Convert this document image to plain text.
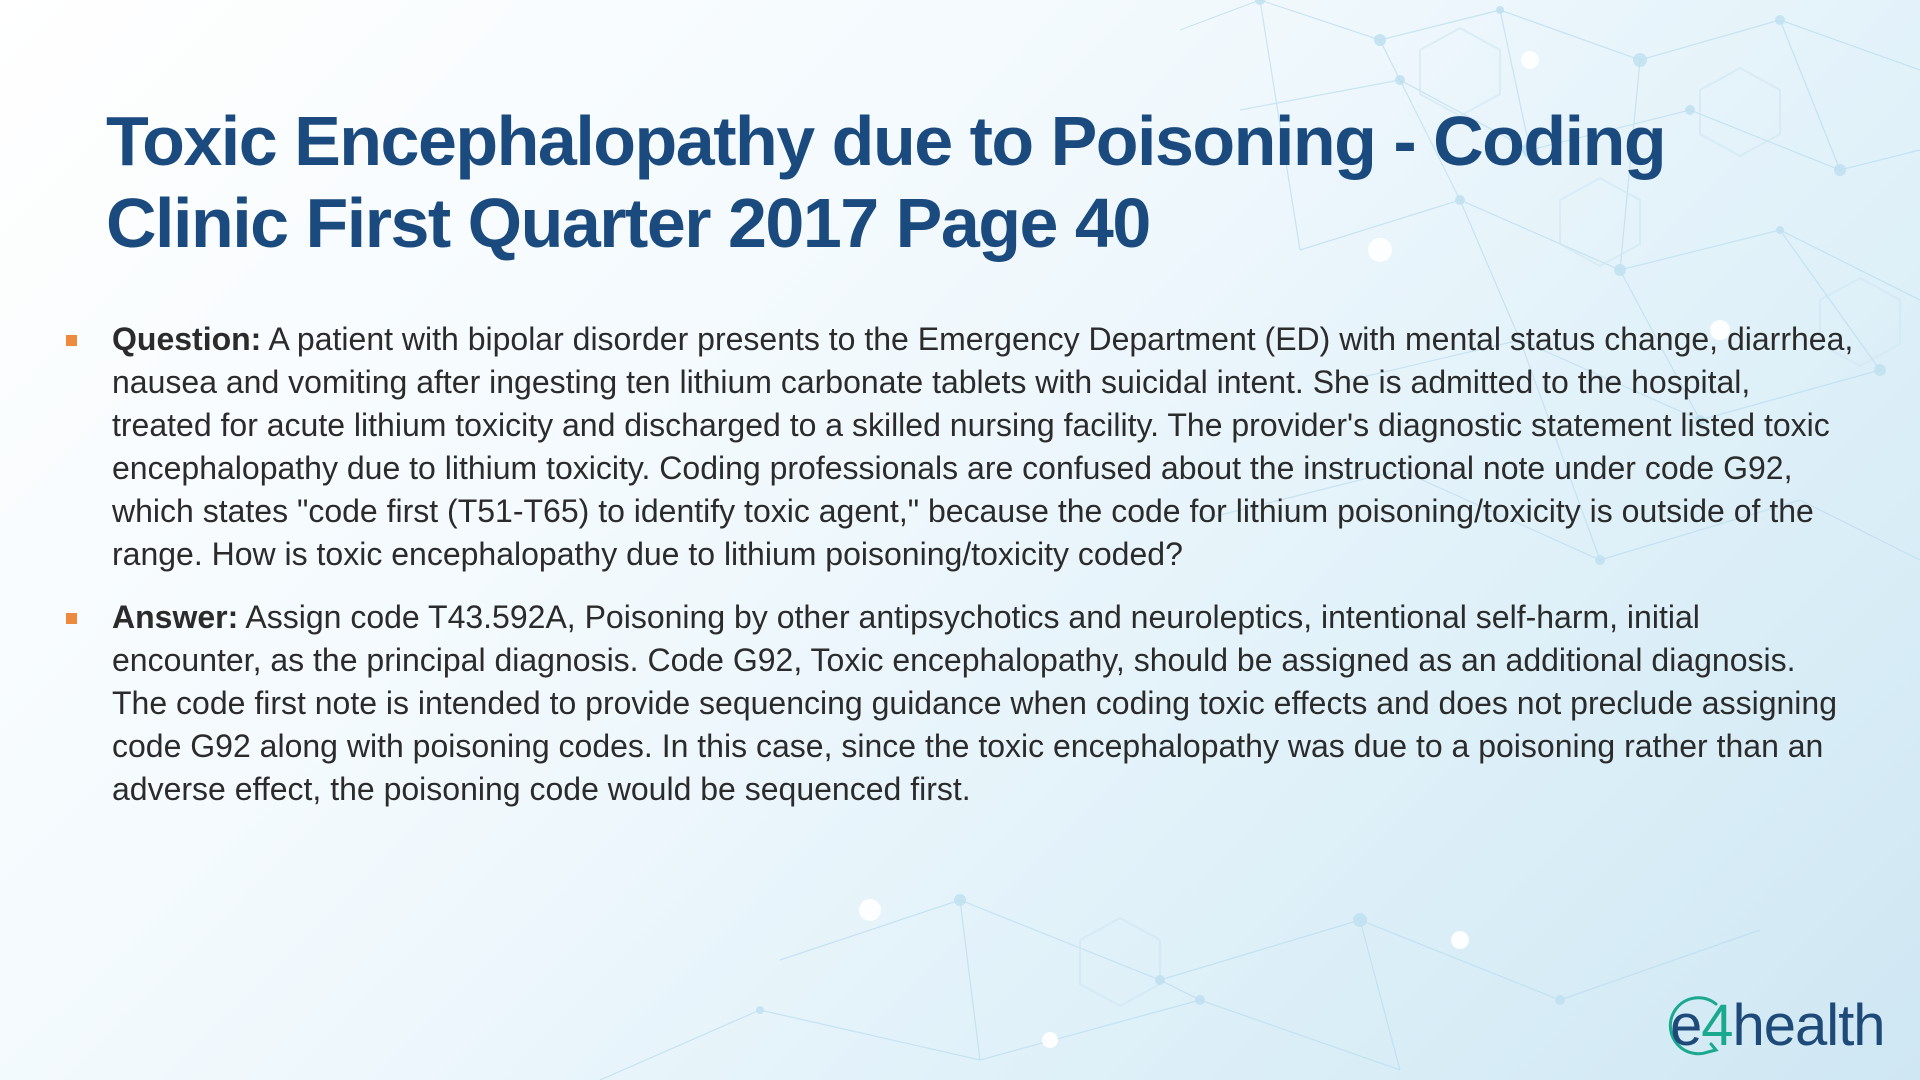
Toxic Encephalopathy due to Poisoning - Coding
Clinic First Quarter 2017 Page 40
Question: A patient with bipolar disorder presents to the Emergency Department (ED) with mental status change, diarrhea, nausea and vomiting after ingesting ten lithium carbonate tablets with suicidal intent. She is admitted to the hospital, treated for acute lithium toxicity and discharged to a skilled nursing facility. The provider's diagnostic statement listed toxic encephalopathy due to lithium toxicity. Coding professionals are confused about the instructional note under code G92, which states "code first (T51-T65) to identify toxic agent," because the code for lithium poisoning/toxicity is outside of the range. How is toxic encephalopathy due to lithium poisoning/toxicity coded?
Answer: Assign code T43.592A, Poisoning by other antipsychotics and neuroleptics, intentional self-harm, initial encounter, as the principal diagnosis. Code G92, Toxic encephalopathy, should be assigned as an additional diagnosis. The code first note is intended to provide sequencing guidance when coding toxic effects and does not preclude assigning code G92 along with poisoning codes. In this case, since the toxic encephalopathy was due to a poisoning rather than an adverse effect, the poisoning code would be sequenced first.
e4health
